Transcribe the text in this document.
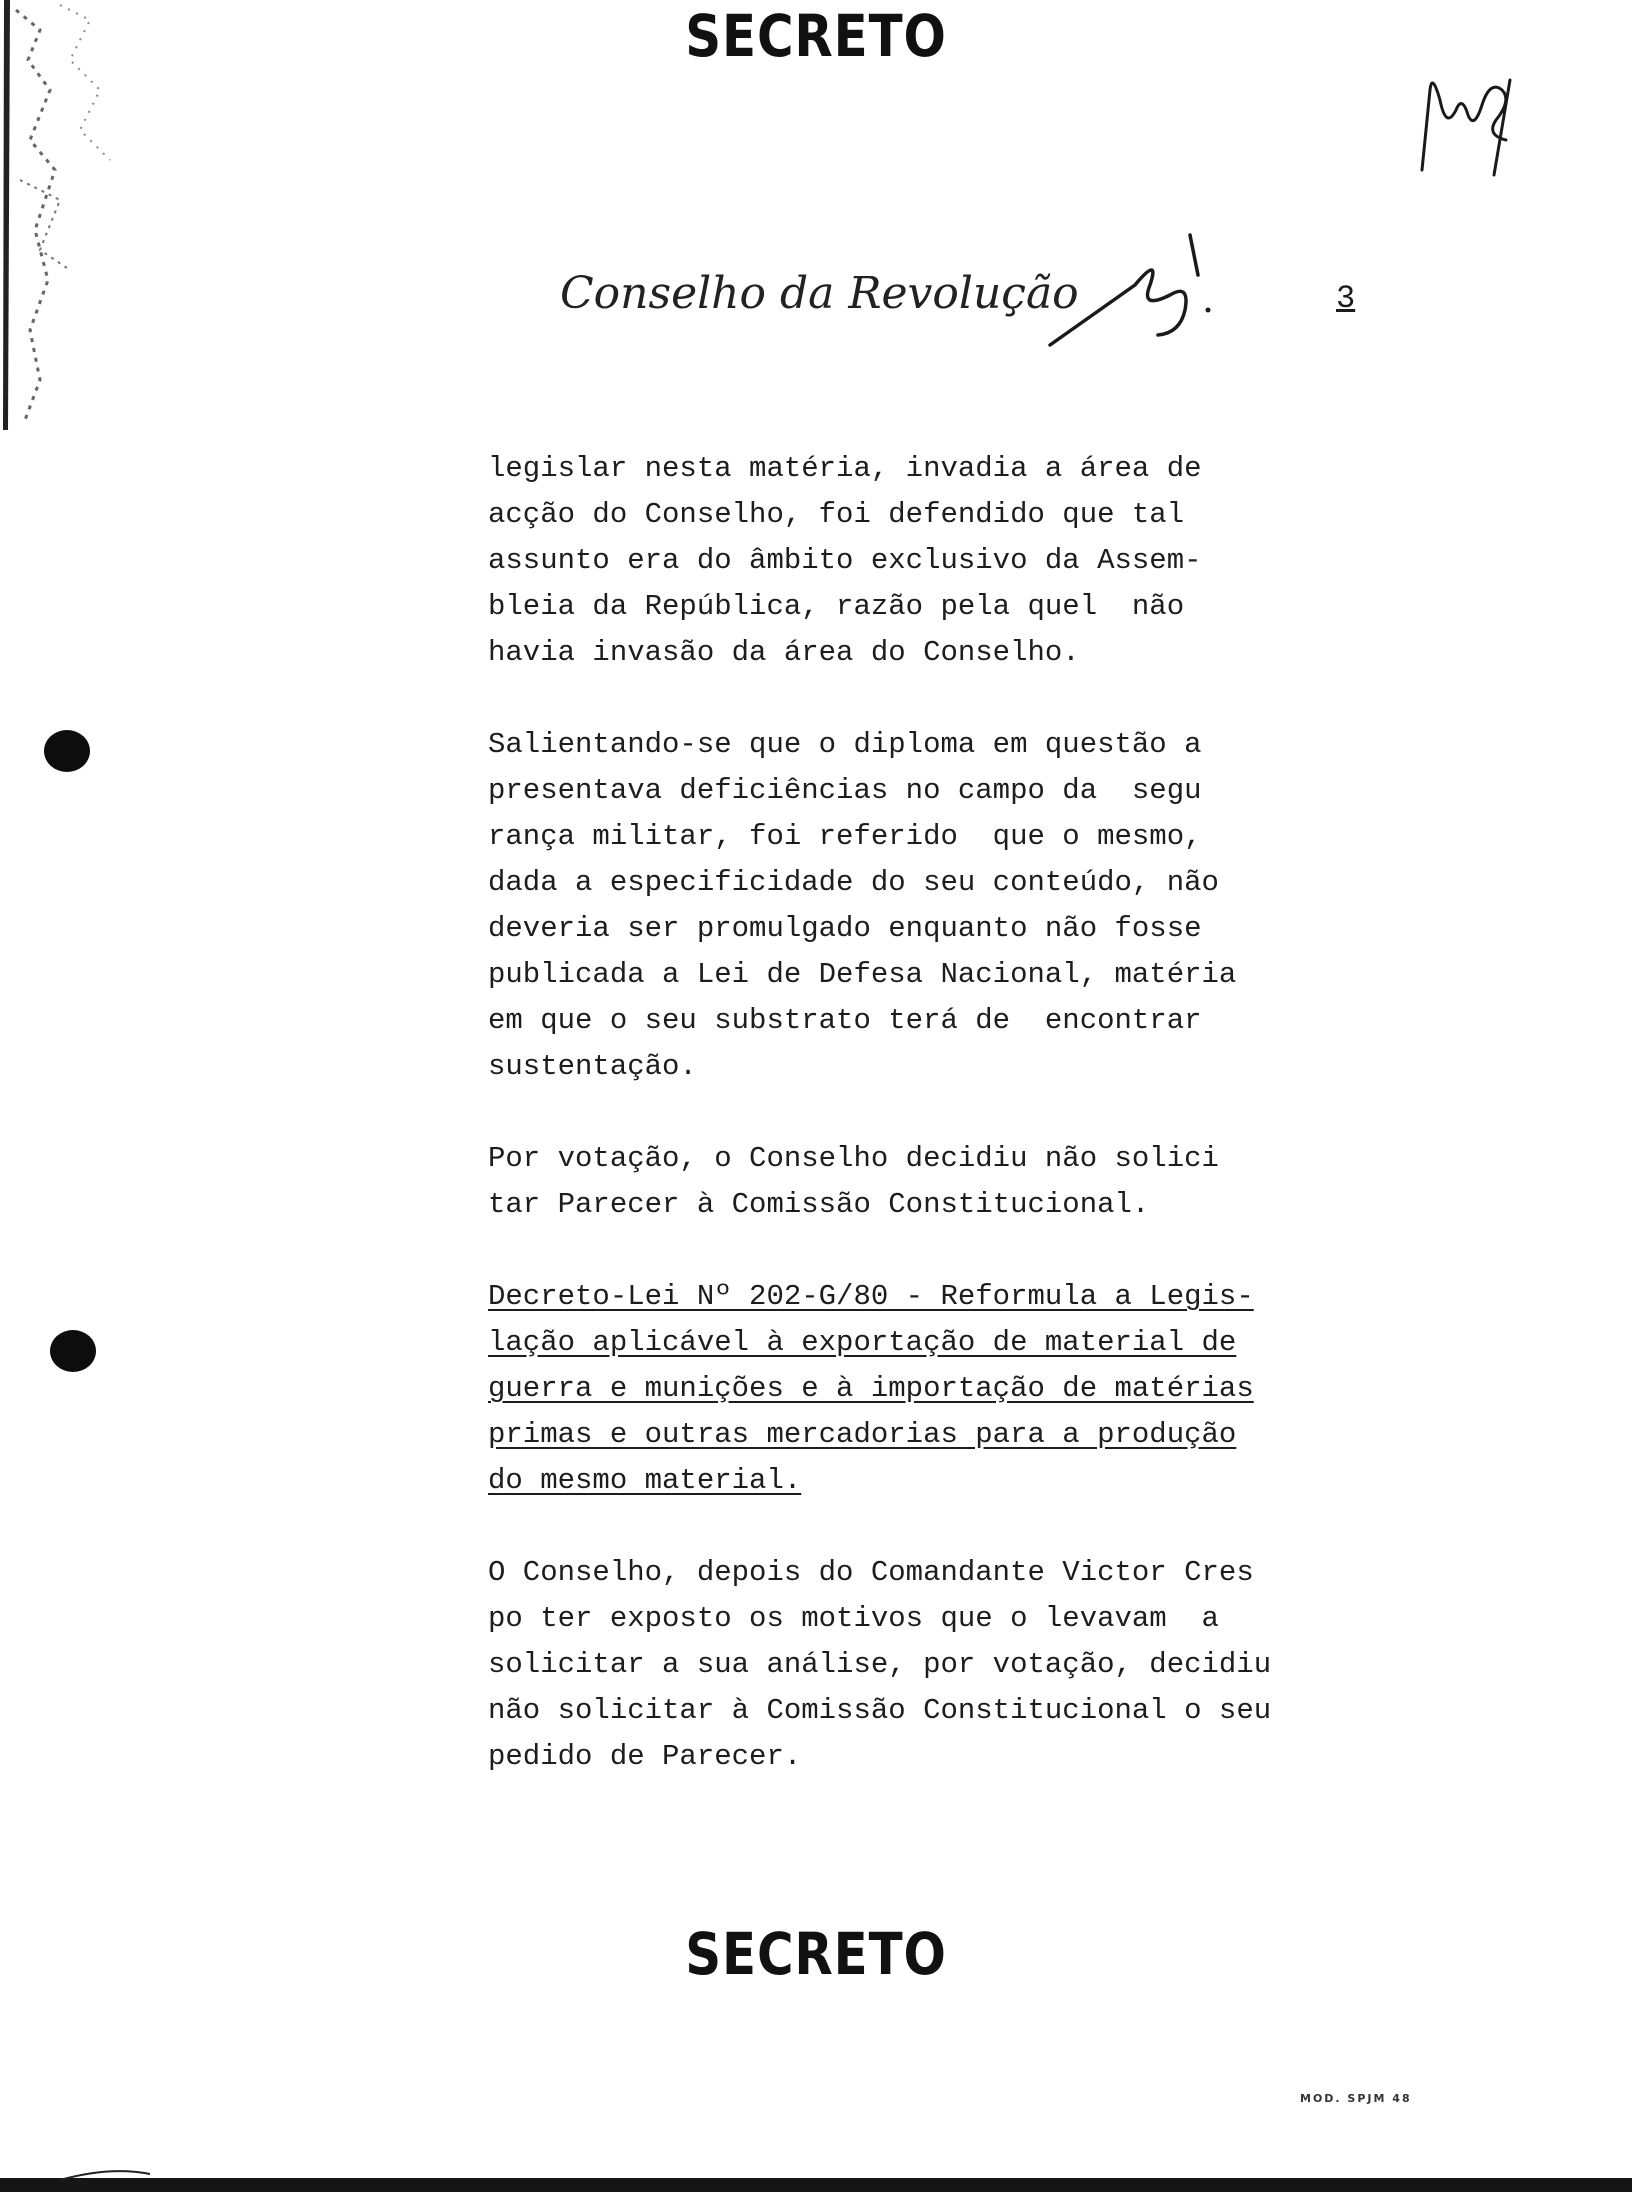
SECRETO
Conselho da Revolução	3

legislar nesta matéria, invadia a área de
acção do Conselho, foi defendido que tal
assunto era do âmbito exclusivo da Assem-
bleia da República, razão pela quel  não
havia invasão da área do Conselho.

Salientando-se que o diploma em questão a
presentava deficiências no campo da  segu
rança militar, foi referido  que o mesmo,
dada a especificidade do seu conteúdo, não
deveria ser promulgado enquanto não fosse
publicada a Lei de Defesa Nacional, matéria
em que o seu substrato terá de  encontrar
sustentação.

Por votação, o Conselho decidiu não solici
tar Parecer à Comissão Constitucional.

Decreto-Lei Nº 202-G/80 - Reformula a Legis-
lação aplicável à exportação de material de
guerra e munições e à importação de matérias
primas e outras mercadorias para a produção
do mesmo material.

O Conselho, depois do Comandante Victor Cres
po ter exposto os motivos que o levavam  a
solicitar a sua análise, por votação, decidiu
não solicitar à Comissão Constitucional o seu
pedido de Parecer.

SECRETO
MOD. SPJM 48
